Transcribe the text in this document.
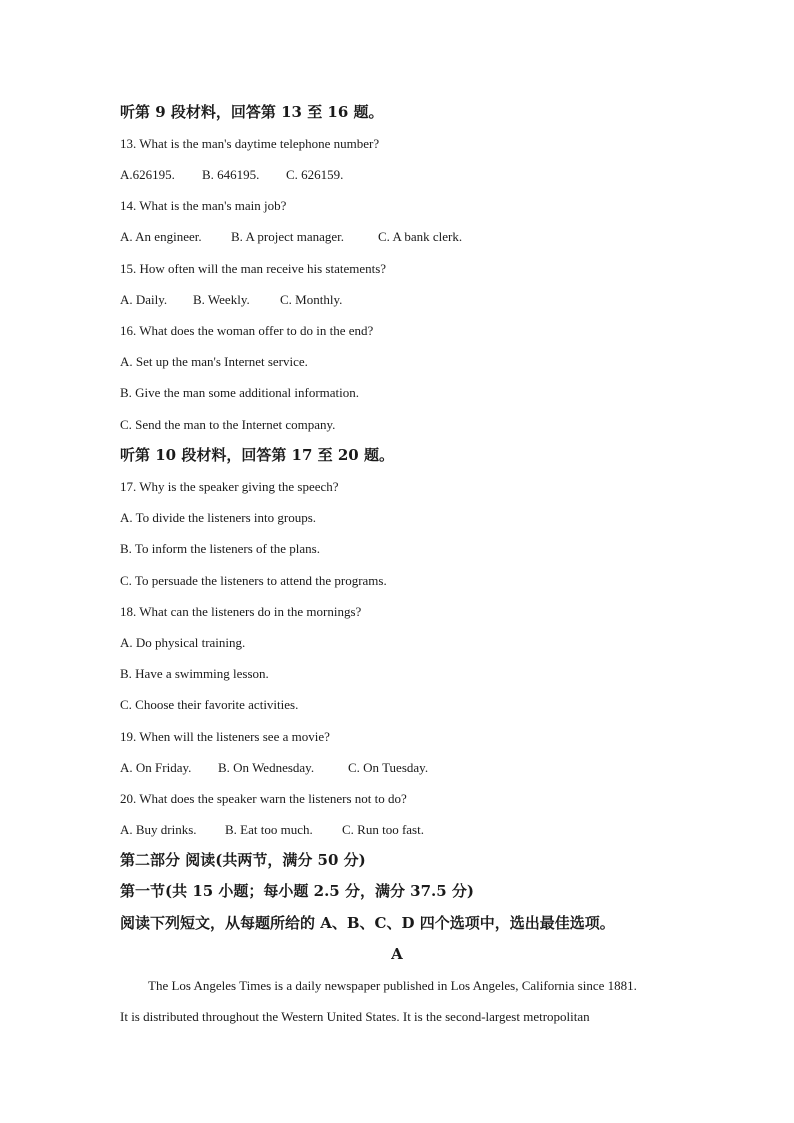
听第 9 段材料，回答第 13 至 16 题。
13. What is the man's daytime telephone number?
A.626195. B. 646195. C. 626159.
14. What is the man's main job?
A. An engineer. B. A project manager.	C. A bank clerk.
15. How often will the man receive his statements?
A. Daily. B. Weekly. C. Monthly.
16. What does the woman offer to do in the end?
A. Set up the man's Internet service.
B. Give the man some additional information.
C. Send the man to the Internet company.
听第 10 段材料，回答第 17 至 20 题。
17. Why is the speaker giving the speech?
A. To divide the listeners into groups.
B. To inform the listeners of the plans.
C. To persuade the listeners to attend the programs.
18. What can the listeners do in the mornings?
A. Do physical training.
B. Have a swimming lesson.
C. Choose their favorite activities.
19. When will the listeners see a movie?
A. On Friday. B. On Wednesday.	C. On Tuesday.
20. What does the speaker warn the listeners not to do?
A. Buy drinks. B. Eat too much. C. Run too fast.
第二部分 阅读(共两节，满分 50 分)
第一节(共 15 小题；每小题 2.5 分，满分 37.5 分)
阅读下列短文，从每题所给的 A、B、C、D 四个选项中，选出最佳选项。
A
The Los Angeles Times is a daily newspaper published in Los Angeles, California since 1881.
It is distributed throughout the Western United States. It is the second-largest metropolitan
